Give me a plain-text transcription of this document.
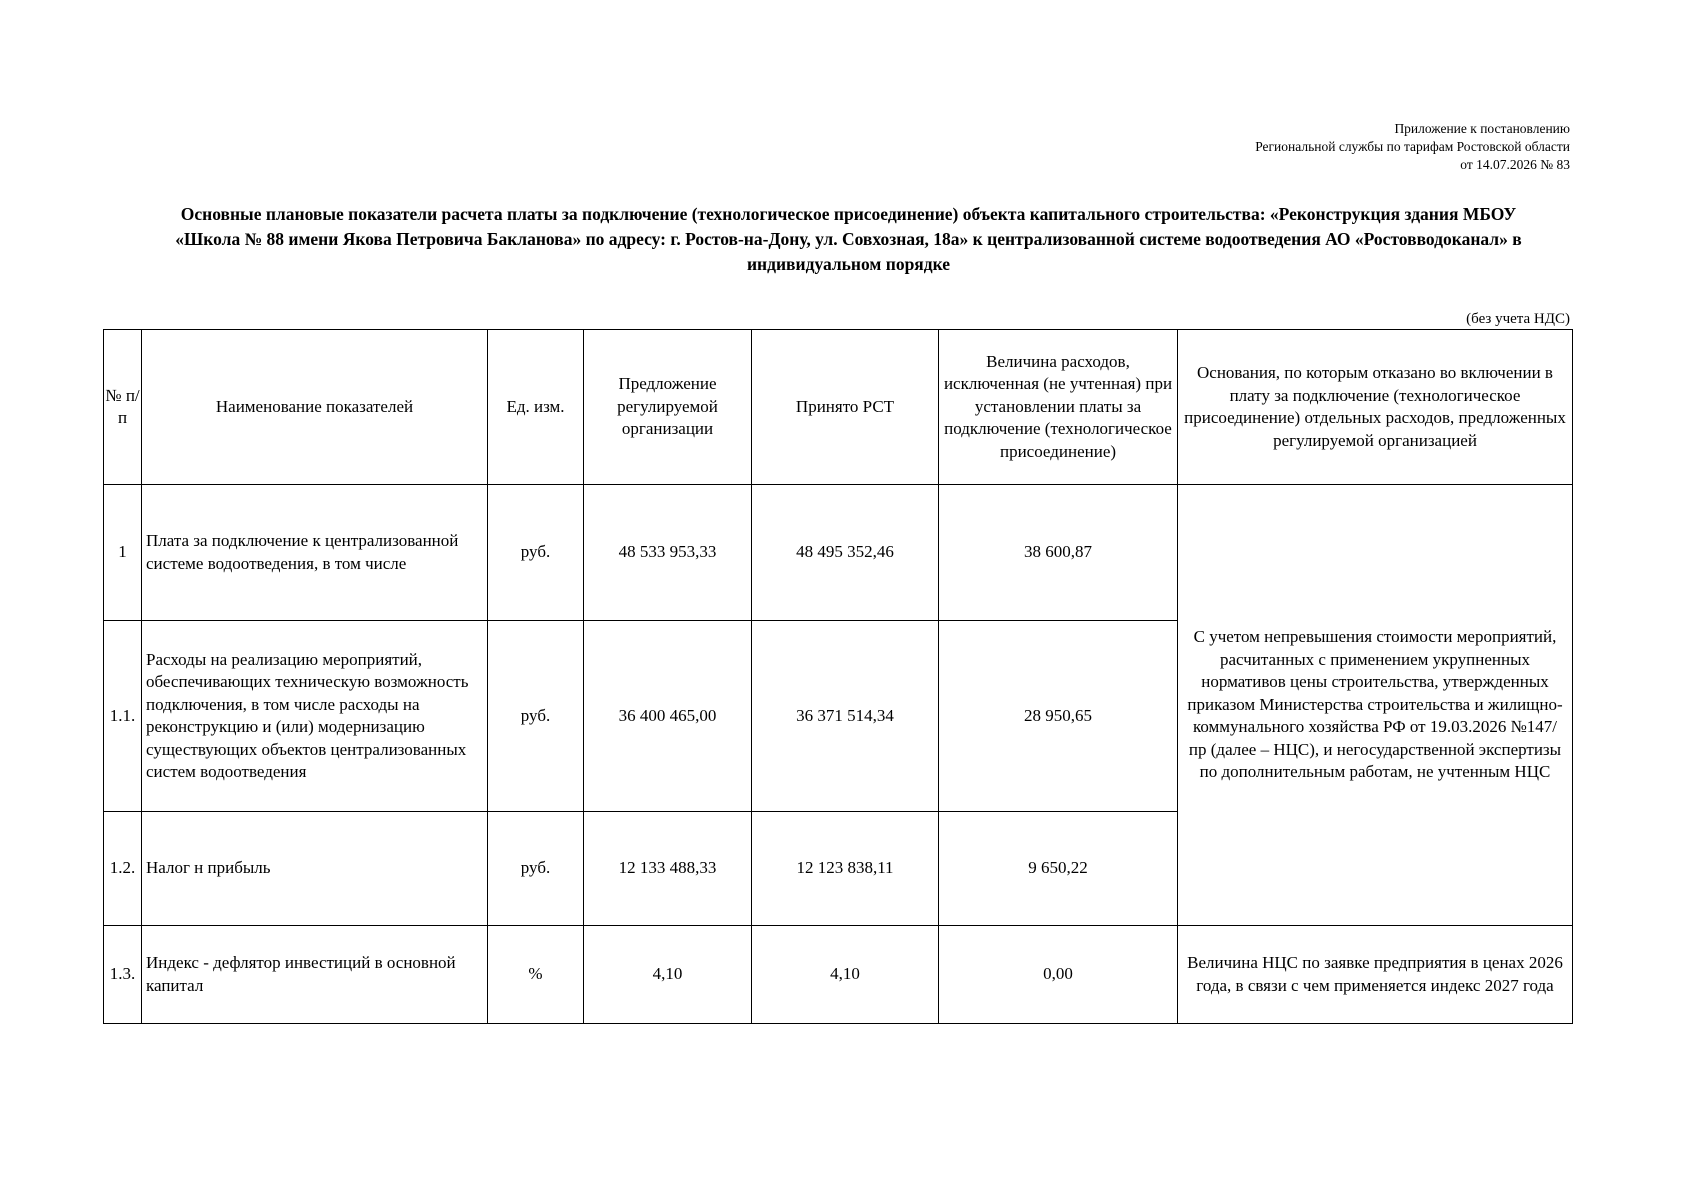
Приложение к постановлению
Региональной службы по тарифам Ростовской области
от 14.07.2026 № 83
Основные плановые показатели расчета платы за подключение (технологическое присоединение) объекта капитального строительства: «Реконструкция здания МБОУ
«Школа № 88 имени Якова Петровича Бакланова» по адресу: г. Ростов-на-Дону, ул. Совхозная, 18а» к централизованной системе водоотведения АО «Ростовводоканал» в
индивидуальном порядке
(без учета НДС)
№ п/п	Наименование показателей	Ед. изм.	Предложение регулируемой организации	Принято РСТ	Величина расходов, исключенная (не учтенная) при установлении платы за подключение (технологическое присоединение)	Основания, по которым отказано во включении в плату за подключение (технологическое присоединение) отдельных расходов, предложенных регулируемой организацией
1	Плата за подключение к централизованной системе водоотведения, в том числе	руб.	48 533 953,33	48 495 352,46	38 600,87	С учетом непревышения стоимости мероприятий, расчитанных с применением укрупненных нормативов цены строительства, утвержденных приказом Министерства строительства и жилищно-коммунального хозяйства РФ от 19.03.2026 №147/пр (далее – НЦС), и негосударственной экспертизы по дополнительным работам, не учтенным НЦС
1.1.	Расходы на реализацию мероприятий, обеспечивающих техническую возможность подключения, в том числе расходы на реконструкцию и (или) модернизацию существующих объектов централизованных систем водоотведения	руб.	36 400 465,00	36 371 514,34	28 950,65	
1.2.	Налог н прибыль	руб.	12 133 488,33	12 123 838,11	9 650,22	
1.3.	Индекс - дефлятор инвестиций в основной капитал	%	4,10	4,10	0,00	Величина НЦС по заявке предприятия в ценах 2026 года, в связи с чем применяется индекс 2027 года
